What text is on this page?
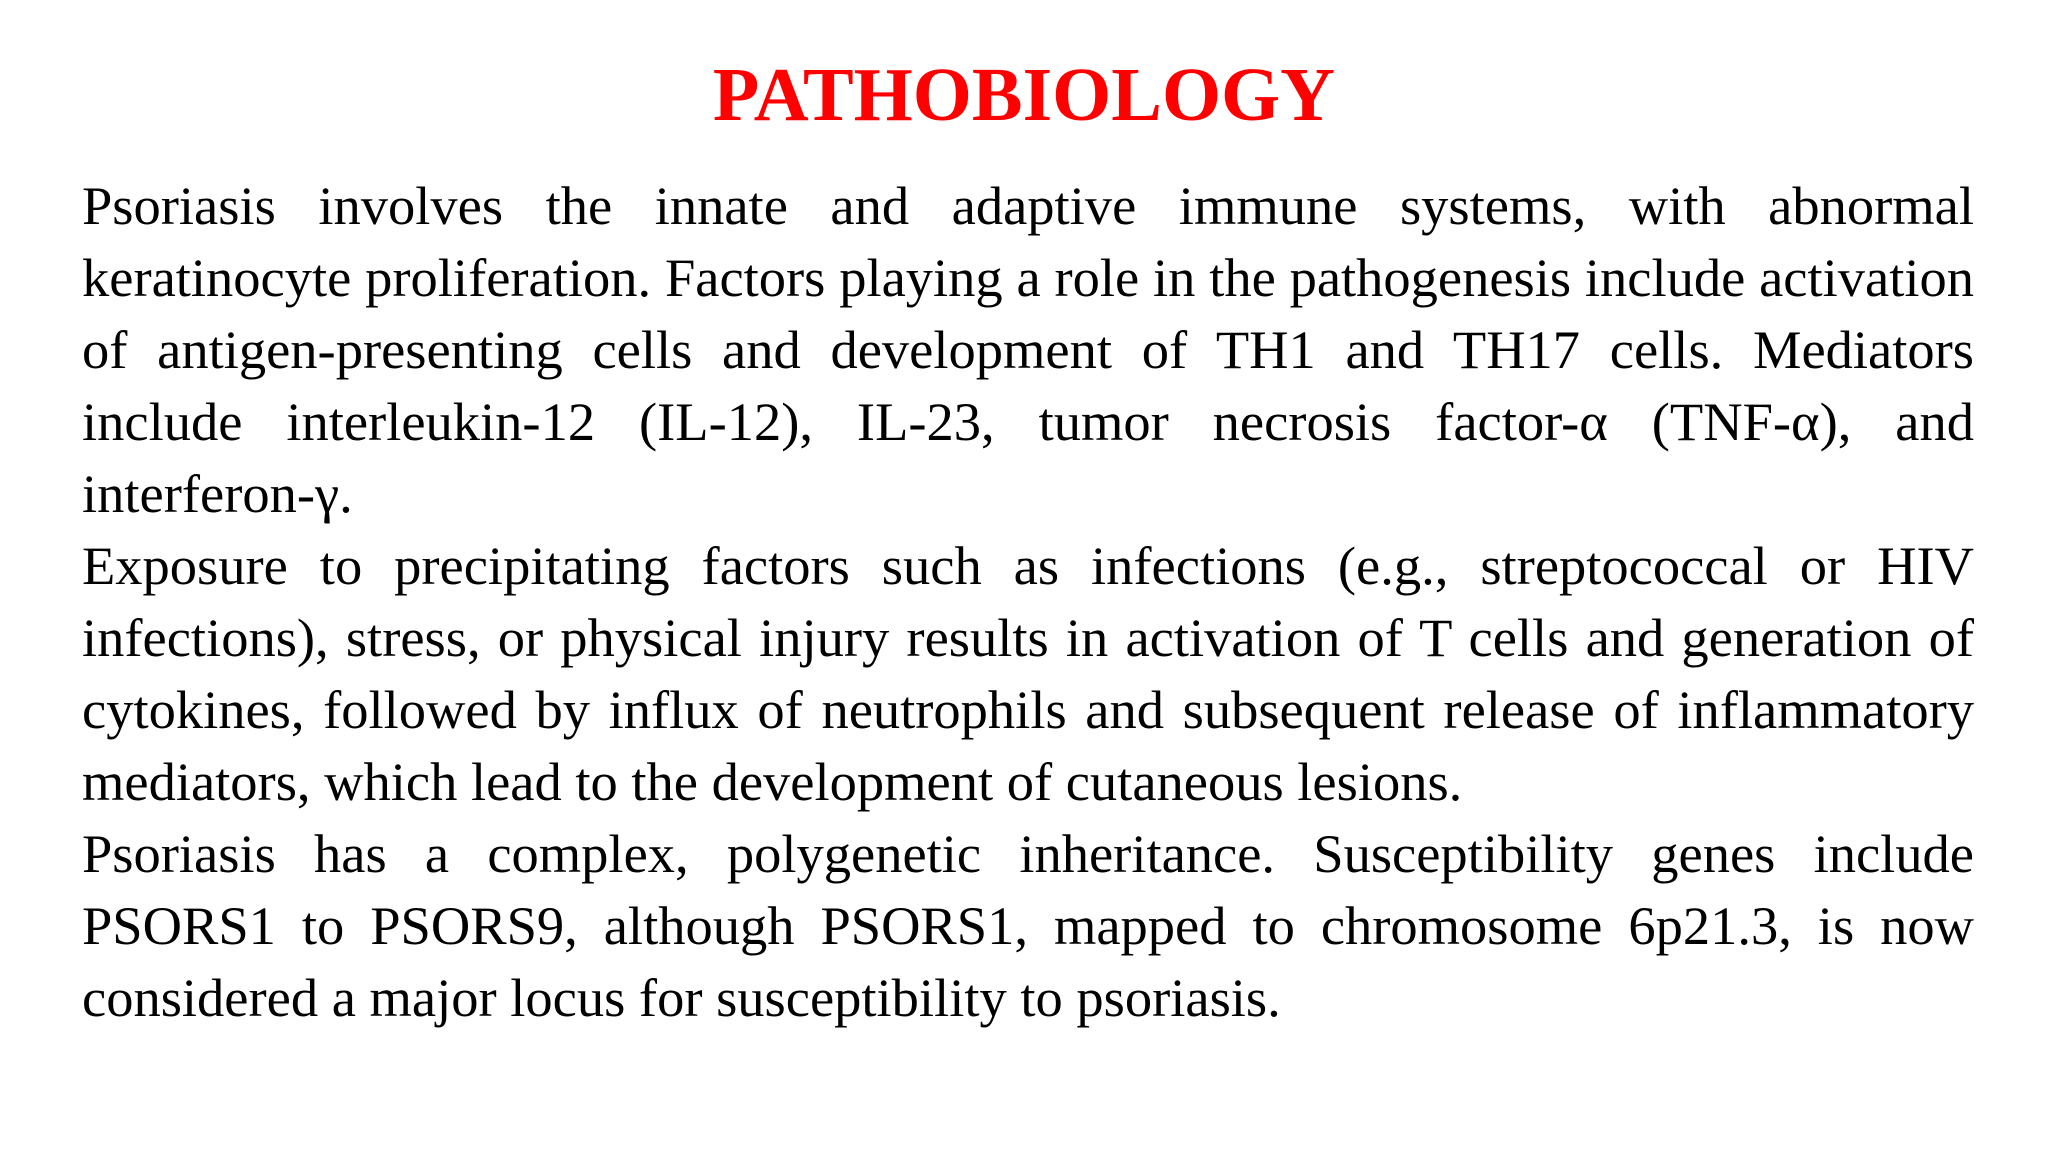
PATHOBIOLOGY

Psoriasis involves the innate and adaptive immune systems, with abnormal keratinocyte proliferation. Factors playing a role in the pathogenesis include activation of antigen-presenting cells and development of TH1 and TH17 cells. Mediators include interleukin-12 (IL-12), IL-23, tumor necrosis factor-α (TNF-α), and interferon-γ.

Exposure to precipitating factors such as infections (e.g., streptococcal or HIV infections), stress, or physical injury results in activation of T cells and generation of cytokines, followed by influx of neutrophils and subsequent release of inflammatory mediators, which lead to the development of cutaneous lesions.

Psoriasis has a complex, polygenetic inheritance. Susceptibility genes include PSORS1 to PSORS9, although PSORS1, mapped to chromosome 6p21.3, is now considered a major locus for susceptibility to psoriasis.
